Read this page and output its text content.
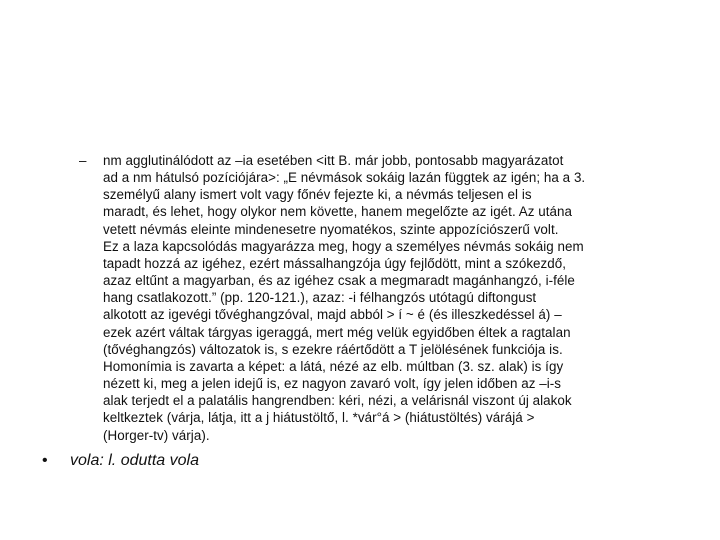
– nm agglutinálódott az –ia esetében <itt B. már jobb, pontosabb magyarázatot
ad a nm hátulsó pozíciójára>: „E névmások sokáig lazán függtek az igén; ha a 3.
személyű alany ismert volt vagy főnév fejezte ki, a névmás teljesen el is
maradt, és lehet, hogy olykor nem követte, hanem megelőzte az igét. Az utána
vetett névmás eleinte mindenesetre nyomatékos, szinte appozíciószerű volt.
Ez a laza kapcsolódás magyarázza meg, hogy a személyes névmás sokáig nem
tapadt hozzá az igéhez, ezért mássalhangzója úgy fejlődött, mint a szókezdő,
azaz eltűnt a magyarban, és az igéhez csak a megmaradt magánhangzó, i-féle
hang csatlakozott.” (pp. 120-121.), azaz: -i félhangzós utótagú diftongust
alkotott az igevégi tővéghangzóval, majd abból > í ~ é (és illeszkedéssel á) –
ezek azért váltak tárgyas igeraggá, mert még velük egyidőben éltek a ragtalan
(tővéghangzós) változatok is, s ezekre ráértődött a T jelölésének funkciója is.
Homonímia is zavarta a képet: a látá, nézé az elb. múltban (3. sz. alak) is így
nézett ki, meg a jelen idejű is, ez nagyon zavaró volt, így jelen időben az –i-s
alak terjedt el a palatális hangrendben: kéri, nézi, a velárisnál viszont új alakok
keltkeztek (várja, látja, itt a j hiátustöltő, l. *vár°á > (hiátustöltés) várájá >
(Horger-tv) várja).
• vola: l. odutta vola
